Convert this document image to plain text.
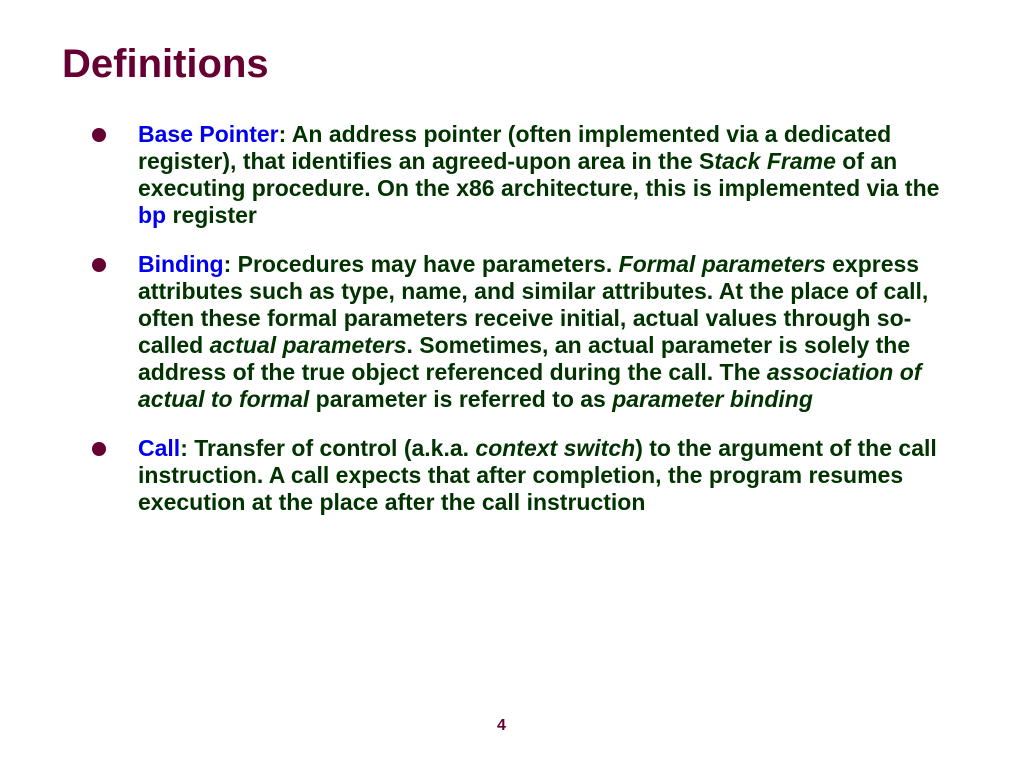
Definitions
Base Pointer: An address pointer (often implemented via a dedicated register), that identifies an agreed-upon area in the Stack Frame of an executing procedure. On the x86 architecture, this is implemented via the bp register
Binding: Procedures may have parameters. Formal parameters express attributes such as type, name, and similar attributes. At the place of call, often these formal parameters receive initial, actual values through so-called actual parameters. Sometimes, an actual parameter is solely the address of the true object referenced during the call. The association of actual to formal parameter is referred to as parameter binding
Call: Transfer of control (a.k.a. context switch) to the argument of the call instruction. A call expects that after completion, the program resumes execution at the place after the call instruction
4
